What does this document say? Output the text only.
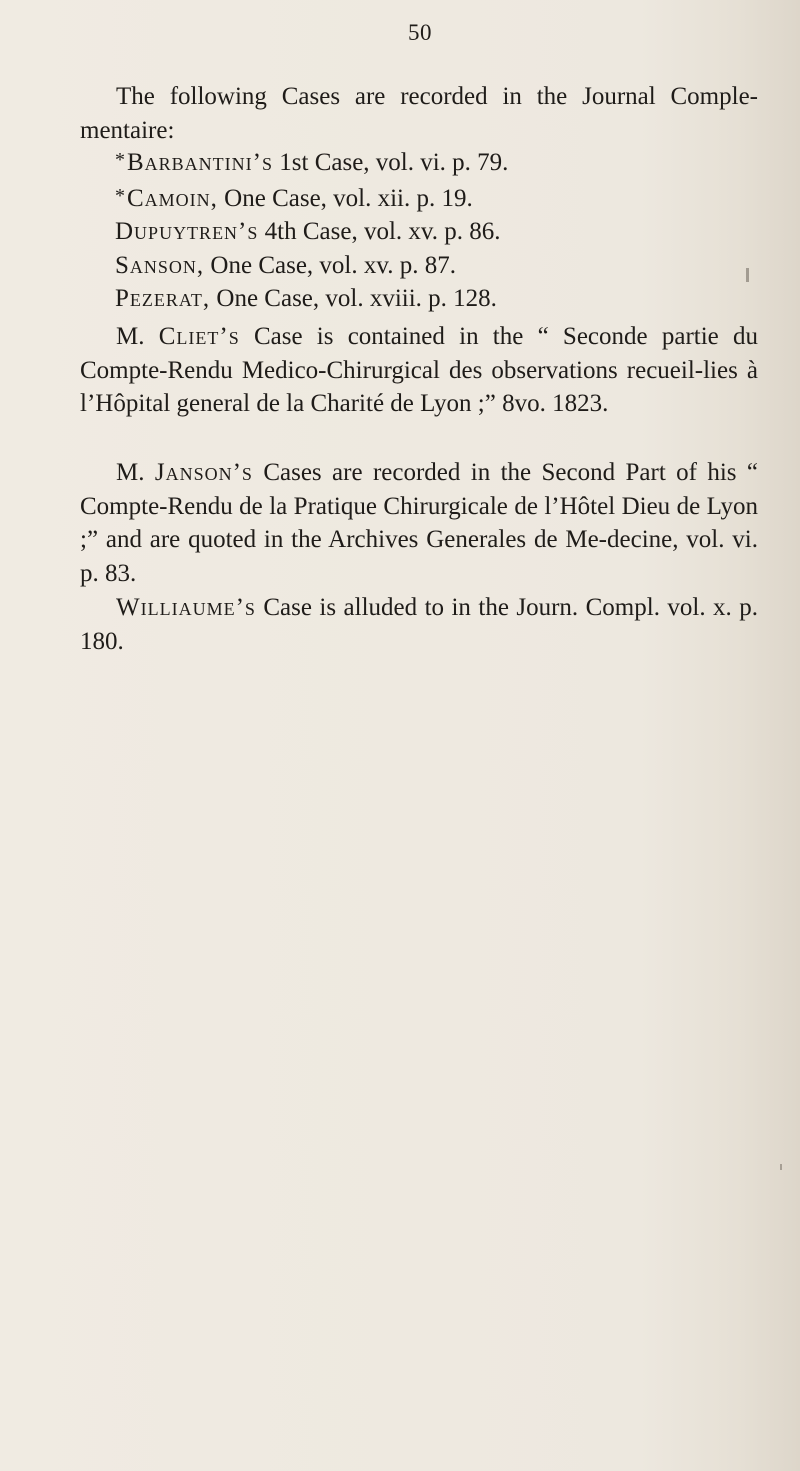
50
The following Cases are recorded in the Journal Comple-mentaire:
*Barbantini’s 1st Case, vol. vi. p. 79.
*Camoin, One Case, vol. xii. p. 19.
Dupuytren’s 4th Case, vol. xv. p. 86.
Sanson, One Case, vol. xv. p. 87.
Pezerat, One Case, vol. xviii. p. 128.
M. Cliet’s Case is contained in the “ Seconde partie du Compte-Rendu Medico-Chirurgical des observations recueil-lies à l’Hôpital general de la Charité de Lyon ;” 8vo. 1823.
M. Janson’s Cases are recorded in the Second Part of his “ Compte-Rendu de la Pratique Chirurgicale de l’Hôtel Dieu de Lyon ;” and are quoted in the Archives Generales de Me-decine, vol. vi. p. 83.
Williaume’s Case is alluded to in the Journ. Compl. vol. x. p. 180.
